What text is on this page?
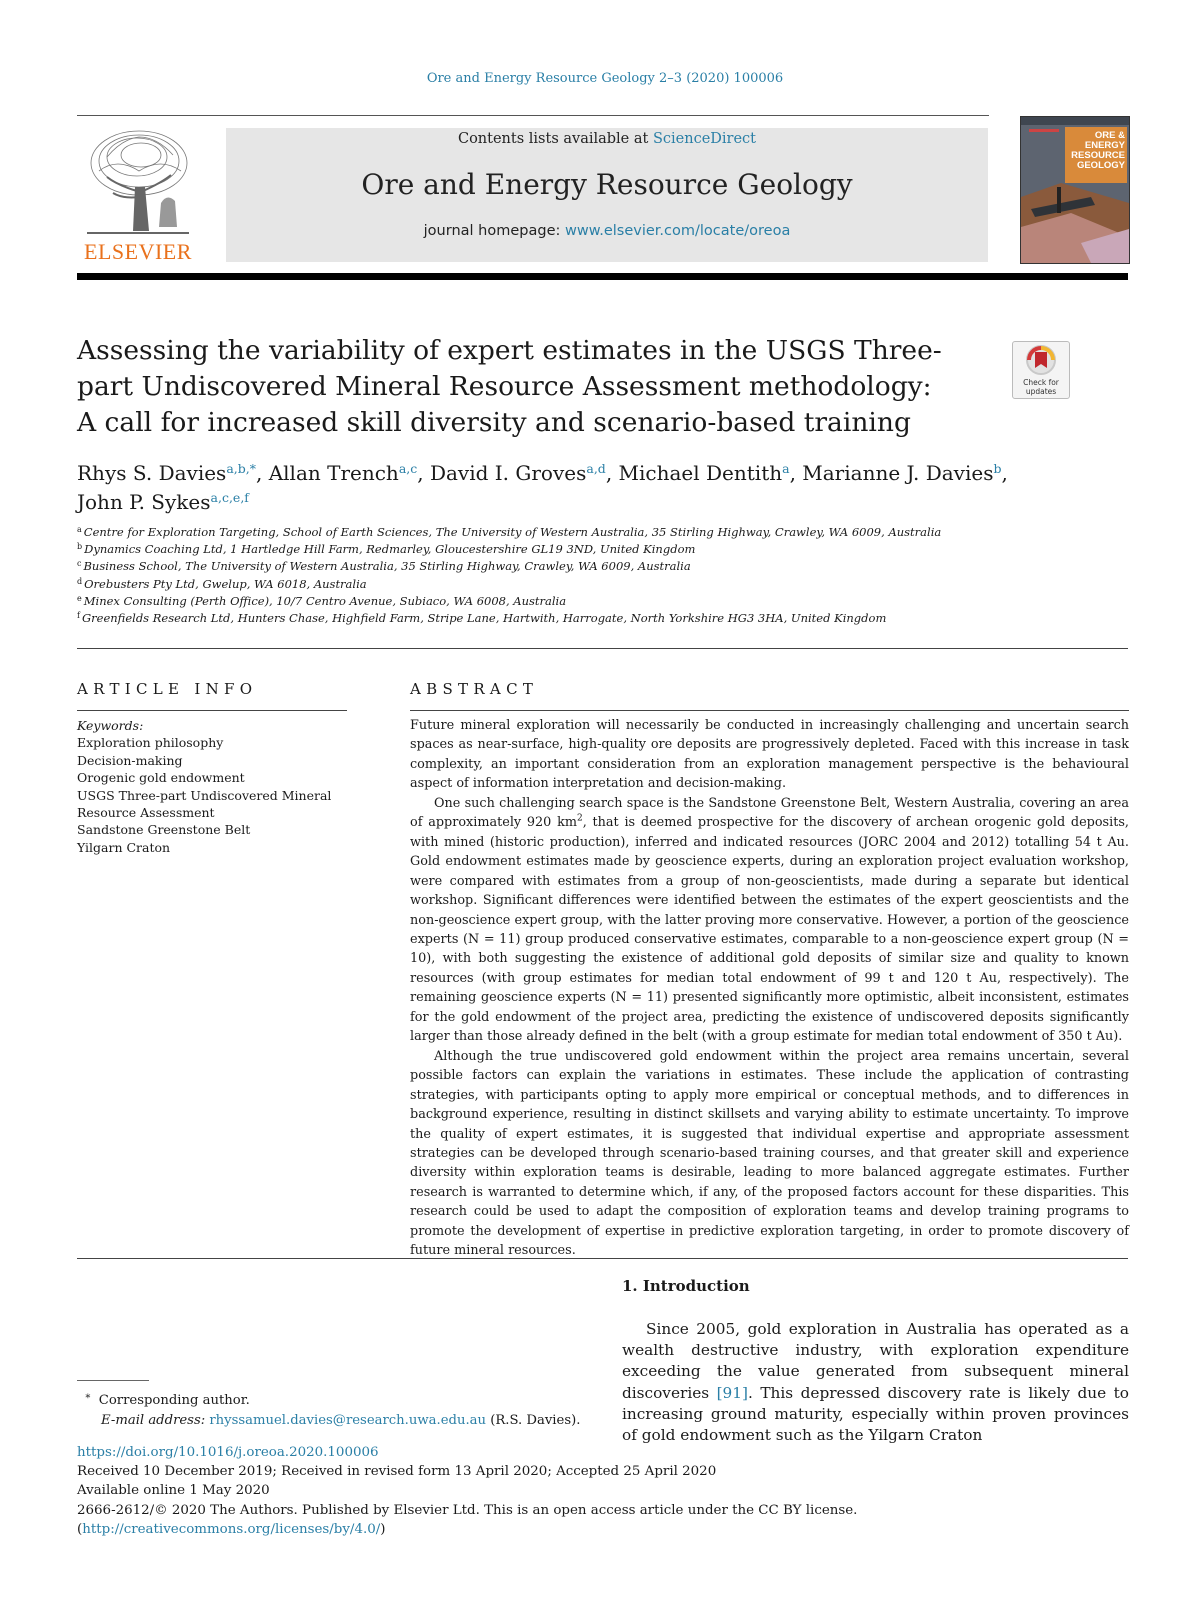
Ore and Energy Resource Geology 2–3 (2020) 100006
ELSEVIER
Contents lists available at ScienceDirect
Ore and Energy Resource Geology
journal homepage: www.elsevier.com/locate/oreoa
ORE &
ENERGY
RESOURCE
GEOLOGY
Assessing the variability of expert estimates in the USGS Three-part Undiscovered Mineral Resource Assessment methodology: A call for increased skill diversity and scenario-based training
Check for
updates
Rhys S. Davies$^{a,b,*}$, Allan Trench$^{a,c}$, David I. Groves$^{a,d}$, Michael Dentith$^a$, Marianne J. Davies$^b$,
John P. Sykes$^{a,c,e,f}$
$^a$ Centre for Exploration Targeting, School of Earth Sciences, The University of Western Australia, 35 Stirling Highway, Crawley, WA 6009, Australia
$^b$ Dynamics Coaching Ltd, 1 Hartledge Hill Farm, Redmarley, Gloucestershire GL19 3ND, United Kingdom
$^c$ Business School, The University of Western Australia, 35 Stirling Highway, Crawley, WA 6009, Australia
$^d$ Orebusters Pty Ltd, Gwelup, WA 6018, Australia
$^e$ Minex Consulting (Perth Office), 10/7 Centro Avenue, Subiaco, WA 6008, Australia
$^f$ Greenfields Research Ltd, Hunters Chase, Highfield Farm, Stripe Lane, Hartwith, Harrogate, North Yorkshire HG3 3HA, United Kingdom
ARTICLE INFO
Keywords:
Exploration philosophy
Decision-making
Orogenic gold endowment
USGS Three-part Undiscovered Mineral
Resource Assessment
Sandstone Greenstone Belt
Yilgarn Craton
ABSTRACT

Future mineral exploration will necessarily be conducted in increasingly challenging and uncertain search spaces as near-surface, high-quality ore deposits are progressively depleted. Faced with this increase in task complexity, an important consideration from an exploration management perspective is the behavioural aspect of information interpretation and decision-making.

One such challenging search space is the Sandstone Greenstone Belt, Western Australia, covering an area of approximately 920 $km^2$, that is deemed prospective for the discovery of archean orogenic gold deposits, with mined (historic production), inferred and indicated resources (JORC 2004 and 2012) totalling 54 t Au. Gold endowment estimates made by geoscience experts, during an exploration project evaluation workshop, were compared with estimates from a group of non-geoscientists, made during a separate but identical workshop. Significant differences were identified between the estimates of the expert geoscientists and the non-geoscience expert group, with the latter proving more conservative. However, a portion of the geoscience experts (N = 11) group produced conservative estimates, comparable to a non-geoscience expert group (N = 10), with both suggesting the existence of additional gold deposits of similar size and quality to known resources (with group estimates for median total endowment of 99 t and 120 t Au, respectively). The remaining geoscience experts (N = 11) presented significantly more optimistic, albeit inconsistent, estimates for the gold endowment of the project area, predicting the existence of undiscovered deposits significantly larger than those already defined in the belt (with a group estimate for median total endowment of 350 t Au).

Although the true undiscovered gold endowment within the project area remains uncertain, several possible factors can explain the variations in estimates. These include the application of contrasting strategies, with participants opting to apply more empirical or conceptual methods, and to differences in background experience, resulting in distinct skillsets and varying ability to estimate uncertainty. To improve the quality of expert estimates, it is suggested that individual expertise and appropriate assessment strategies can be developed through scenario-based training courses, and that greater skill and experience diversity within exploration teams is desirable, leading to more balanced aggregate estimates. Further research is warranted to determine which, if any, of the proposed factors account for these disparities. This research could be used to adapt the composition of exploration teams and develop training programs to promote the development of expertise in predictive exploration targeting, in order to promote discovery of future mineral resources.

1. Introduction
Since 2005, gold exploration in Australia has operated as a wealth destructive industry, with exploration expenditure exceeding the value generated from subsequent mineral discoveries [91]. This depressed discovery rate is likely due to increasing ground maturity, especially within proven provinces of gold endowment such as the Yilgarn Craton
* Corresponding author.
E-mail address: rhyssamuel.davies@research.uwa.edu.au (R.S. Davies).
https://doi.org/10.1016/j.oreoa.2020.100006
Received 10 December 2019; Received in revised form 13 April 2020; Accepted 25 April 2020
Available online 1 May 2020
2666-2612/© 2020 The Authors. Published by Elsevier Ltd. This is an open access article under the CC BY license. (http://creativecommons.org/licenses/by/4.0/)
